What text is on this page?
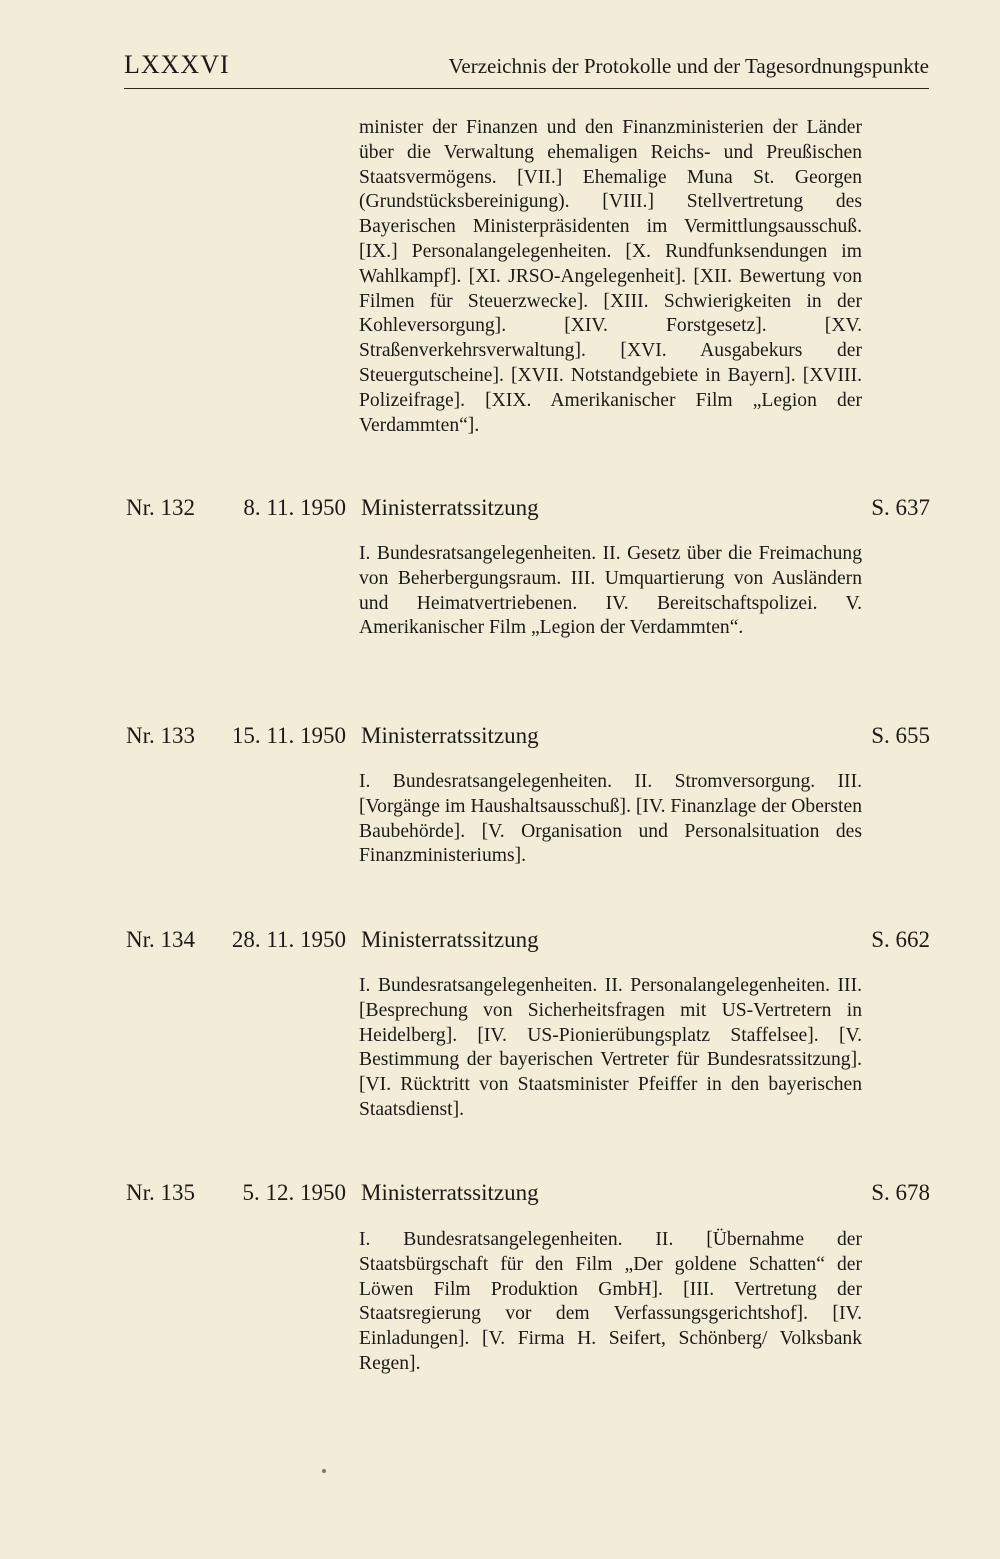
LXXXVI	Verzeichnis der Protokolle und der Tagesordnungspunkte

minister der Finanzen und den Finanzministerien der Länder über die Verwaltung ehemaligen Reichs- und Preußischen Staatsvermögens. [VII.] Ehemalige Muna St. Georgen (Grundstücksbereinigung). [VIII.] Stellvertretung des Bayerischen Ministerpräsidenten im Vermittlungsausschuß. [IX.] Personalangelegenheiten. [X. Rundfunksendungen im Wahlkampf]. [XI. JRSO-Angelegenheit]. [XII. Bewertung von Filmen für Steuerzwecke]. [XIII. Schwierigkeiten in der Kohleversorgung]. [XIV. Forstgesetz]. [XV. Straßenverkehrsverwaltung]. [XVI. Ausgabekurs der Steuergutscheine]. [XVII. Notstandgebiete in Bayern]. [XVIII. Polizeifrage]. [XIX. Amerikanischer Film „Legion der Verdammten“].

Nr. 132	8. 11. 1950 Ministerratssitzung	S. 637

I. Bundesratsangelegenheiten. II. Gesetz über die Freimachung von Beherbergungsraum. III. Umquartierung von Ausländern und Heimatvertriebenen. IV. Bereitschaftspolizei. V. Amerikanischer Film „Legion der Verdammten“.

Nr. 133 15. 11. 1950 Ministerratssitzung	S. 655

I. Bundesratsangelegenheiten. II. Stromversorgung. III. [Vorgänge im Haushaltsausschuß]. [IV. Finanzlage der Obersten Baubehörde]. [V. Organisation und Personalsituation des Finanzministeriums].

Nr. 134 28. 11. 1950 Ministerratssitzung	S. 662

I. Bundesratsangelegenheiten. II. Personalangelegenheiten. III. [Besprechung von Sicherheitsfragen mit US-Vertretern in Heidelberg]. [IV. US-Pionierübungsplatz Staffelsee]. [V. Bestimmung der bayerischen Vertreter für Bundesratssitzung]. [VI. Rücktritt von Staatsminister Pfeiffer in den bayerischen Staatsdienst].

Nr. 135	5. 12. 1950 Ministerratssitzung	S. 678

I. Bundesratsangelegenheiten. II. [Übernahme der Staatsbürgschaft für den Film „Der goldene Schatten“ der Löwen Film Produktion GmbH]. [III. Vertretung der Staatsregierung vor dem Verfassungsgerichtshof]. [IV. Einladungen]. [V. Firma H. Seifert, Schönberg/ Volksbank Regen].
